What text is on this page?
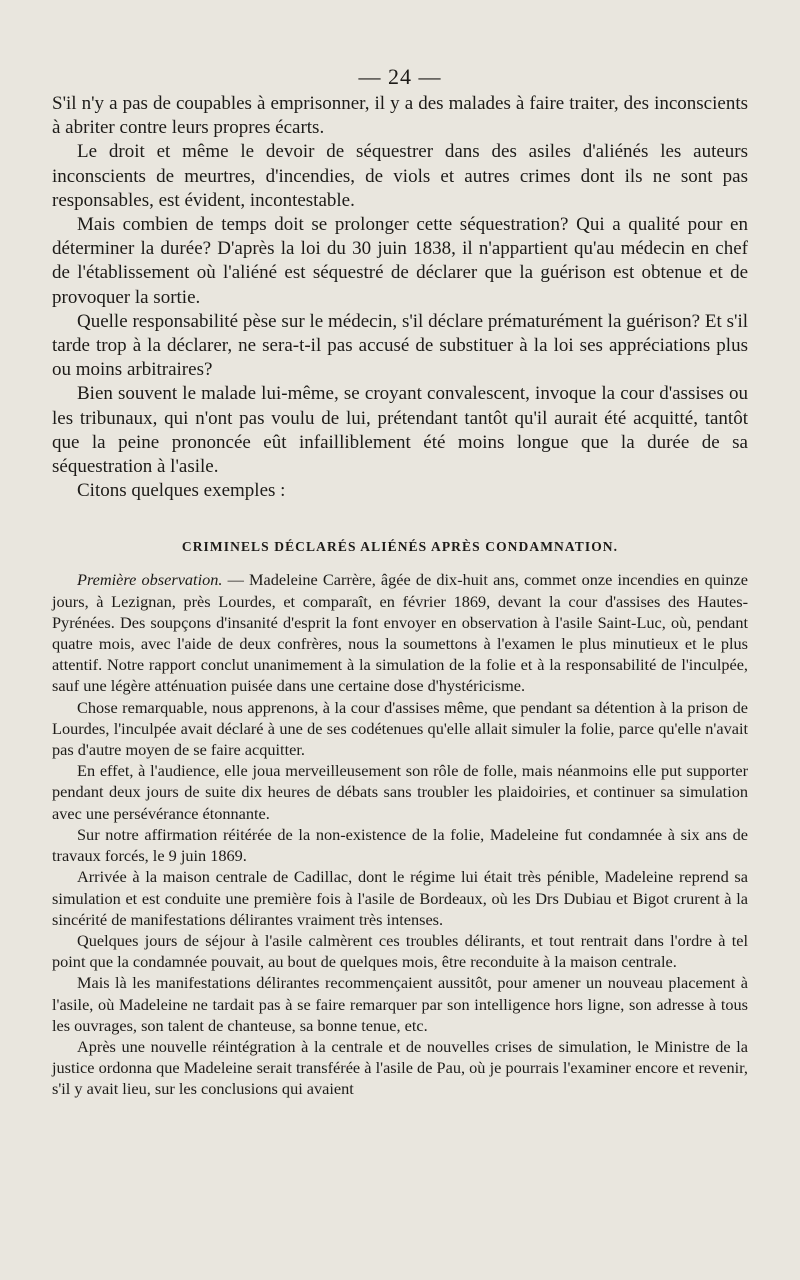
— 24 —

S'il n'y a pas de coupables à emprisonner, il y a des malades à faire traiter, des inconscients à abriter contre leurs propres écarts.

Le droit et même le devoir de séquestrer dans des asiles d'aliénés les auteurs inconscients de meurtres, d'incendies, de viols et autres crimes dont ils ne sont pas responsables, est évident, incontestable.

Mais combien de temps doit se prolonger cette séquestration? Qui a qualité pour en déterminer la durée? D'après la loi du 30 juin 1838, il n'appartient qu'au médecin en chef de l'établissement où l'aliéné est séquestré de déclarer que la guérison est obtenue et de provoquer la sortie.

Quelle responsabilité pèse sur le médecin, s'il déclare prématurément la guérison? Et s'il tarde trop à la déclarer, ne sera-t-il pas accusé de substituer à la loi ses appréciations plus ou moins arbitraires?

Bien souvent le malade lui-même, se croyant convalescent, invoque la cour d'assises ou les tribunaux, qui n'ont pas voulu de lui, prétendant tantôt qu'il aurait été acquitté, tantôt que la peine prononcée eût infailliblement été moins longue que la durée de sa séquestration à l'asile.

Citons quelques exemples :

CRIMINELS DÉCLARÉS ALIÉNÉS APRÈS CONDAMNATION.

Première observation. — Madeleine Carrère, âgée de dix-huit ans, commet onze incendies en quinze jours, à Lezignan, près Lourdes, et comparaît, en février 1869, devant la cour d'assises des Hautes-Pyrénées. Des soupçons d'insanité d'esprit la font envoyer en observation à l'asile Saint-Luc, où, pendant quatre mois, avec l'aide de deux confrères, nous la soumettons à l'examen le plus minutieux et le plus attentif. Notre rapport conclut unanimement à la simulation de la folie et à la responsabilité de l'inculpée, sauf une légère atténuation puisée dans une certaine dose d'hystéricisme.

Chose remarquable, nous apprenons, à la cour d'assises même, que pendant sa détention à la prison de Lourdes, l'inculpée avait déclaré à une de ses codétenues qu'elle allait simuler la folie, parce qu'elle n'avait pas d'autre moyen de se faire acquitter.

En effet, à l'audience, elle joua merveilleusement son rôle de folle, mais néanmoins elle put supporter pendant deux jours de suite dix heures de débats sans troubler les plaidoiries, et continuer sa simulation avec une persévérance étonnante.

Sur notre affirmation réitérée de la non-existence de la folie, Madeleine fut condamnée à six ans de travaux forcés, le 9 juin 1869.

Arrivée à la maison centrale de Cadillac, dont le régime lui était très pénible, Madeleine reprend sa simulation et est conduite une première fois à l'asile de Bordeaux, où les Drs Dubiau et Bigot crurent à la sincérité de manifestations délirantes vraiment très intenses.

Quelques jours de séjour à l'asile calmèrent ces troubles délirants, et tout rentrait dans l'ordre à tel point que la condamnée pouvait, au bout de quelques mois, être reconduite à la maison centrale.

Mais là les manifestations délirantes recommençaient aussitôt, pour amener un nouveau placement à l'asile, où Madeleine ne tardait pas à se faire remarquer par son intelligence hors ligne, son adresse à tous les ouvrages, son talent de chanteuse, sa bonne tenue, etc.

Après une nouvelle réintégration à la centrale et de nouvelles crises de simulation, le Ministre de la justice ordonna que Madeleine serait transférée à l'asile de Pau, où je pourrais l'examiner encore et revenir, s'il y avait lieu, sur les conclusions qui avaient
